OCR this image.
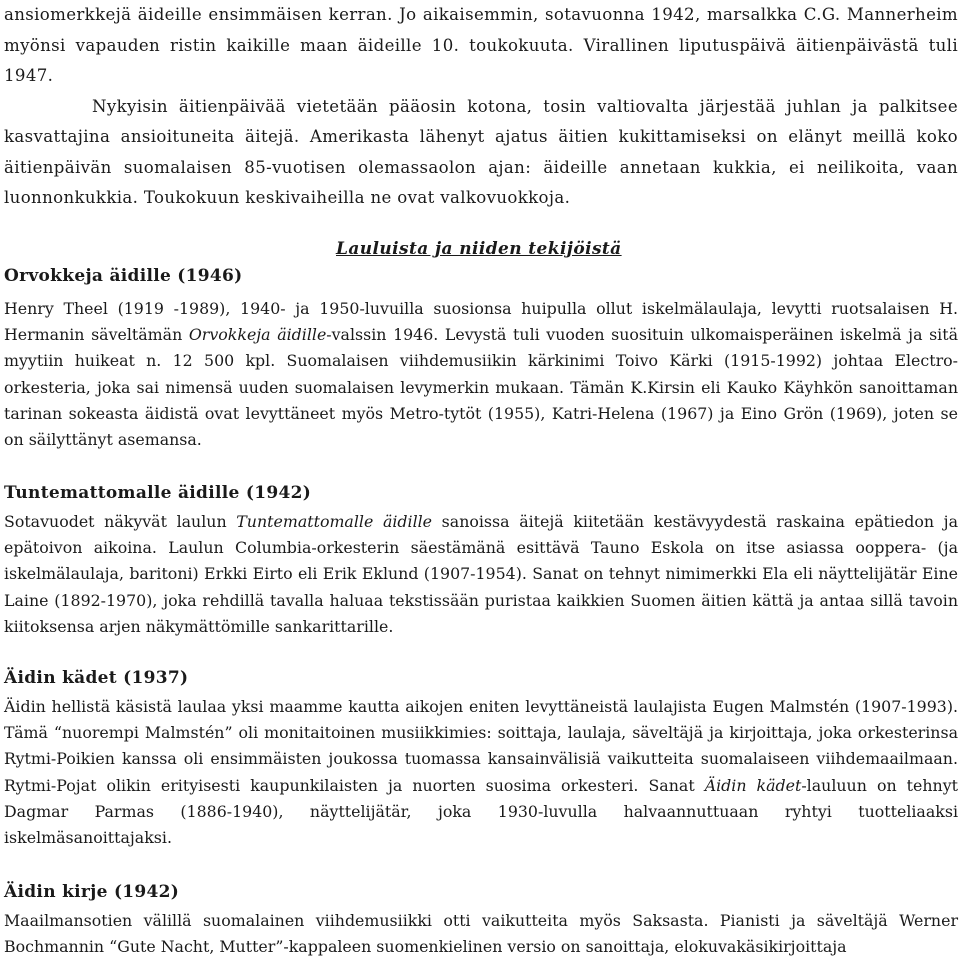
ansiomerkkejä äideille ensimmäisen kerran. Jo aikaisemmin, sotavuonna 1942, marsalkka C.G. Mannerheim myönsi vapauden ristin kaikille maan äideille 10. toukokuuta. Virallinen liputuspäivä äitienpäivästä tuli 1947.

Nykyisin äitienpäivää vietetään pääosin kotona, tosin valtiovalta järjestää juhlan ja palkitsee kasvattajina ansioituneita äitejä. Amerikasta lähenyt ajatus äitien kukittamiseksi on elänyt meillä koko äitienpäivän suomalaisen 85-vuotisen olemassaolon ajan: äideille annetaan kukkia, ei neilikoita, vaan luonnonkukkia. Toukokuun keskivaiheilla ne ovat valkovuokkoja.

Lauluista ja niiden tekijöistä
Orvokkeja äidille (1946)

Henry Theel (1919 -1989), 1940- ja 1950-luvuilla suosionsa huipulla ollut iskelmälaulaja, levytti ruotsalaisen H. Hermanin säveltämän Orvokkeja äidille-valssin 1946. Levystä tuli vuoden suosituin ulkomaisperäinen iskelmä ja sitä myytiin huikeat n. 12 500 kpl. Suomalaisen viihdemusiikin kärkinimi Toivo Kärki (1915-1992) johtaa Electro-orkesteria, joka sai nimensä uuden suomalaisen levymerkin mukaan. Tämän K.Kirsin eli Kauko Käyhkön sanoittaman tarinan sokeasta äidistä ovat levyttäneet myös Metro-tytöt (1955), Katri-Helena (1967) ja Eino Grön (1969), joten se on säilyttänyt asemansa.

Tuntemattomalle äidille (1942)

Sotavuodet näkyvät laulun Tuntemattomalle äidille sanoissa äitejä kiitetään kestävyydestä raskaina epätiedon ja epätoivon aikoina. Laulun Columbia-orkesterin säestämänä esittävä Tauno Eskola on itse asiassa ooppera- (ja iskelmälaulaja, baritoni) Erkki Eirto eli Erik Eklund (1907-1954). Sanat on tehnyt nimimerkki Ela eli näyttelijätär Eine Laine (1892-1970), joka rehdillä tavalla haluaa tekstissään puristaa kaikkien Suomen äitien kättä ja antaa sillä tavoin kiitoksensa arjen näkymättömille sankarittarille.

Äidin kädet (1937)

Äidin hellistä käsistä laulaa yksi maamme kautta aikojen eniten levyttäneistä laulajista Eugen Malmstén (1907-1993). Tämä “nuorempi Malmstén” oli monitaitoinen musiikkimies: soittaja, laulaja, säveltäjä ja kirjoittaja, joka orkesterinsa Rytmi-Poikien kanssa oli ensimmäisten joukossa tuomassa kansainvälisiä vaikutteita suomalaiseen viihdemaailmaan. Rytmi-Pojat olikin erityisesti kaupunkilaisten ja nuorten suosima orkesteri. Sanat Äidin kädet-lauluun on tehnyt Dagmar Parmas (1886-1940), näyttelijätär, joka 1930-luvulla halvaannuttuaan ryhtyi tuotteliaaksi iskelmäsanoittajaksi.

Äidin kirje (1942)

Maailmansotien välillä suomalainen viihdemusiikki otti vaikutteita myös Saksasta. Pianisti ja säveltäjä Werner Bochmannin “Gute Nacht, Mutter”-kappaleen suomenkielinen versio on sanoittaja, elokuvakäsikirjoittaja
